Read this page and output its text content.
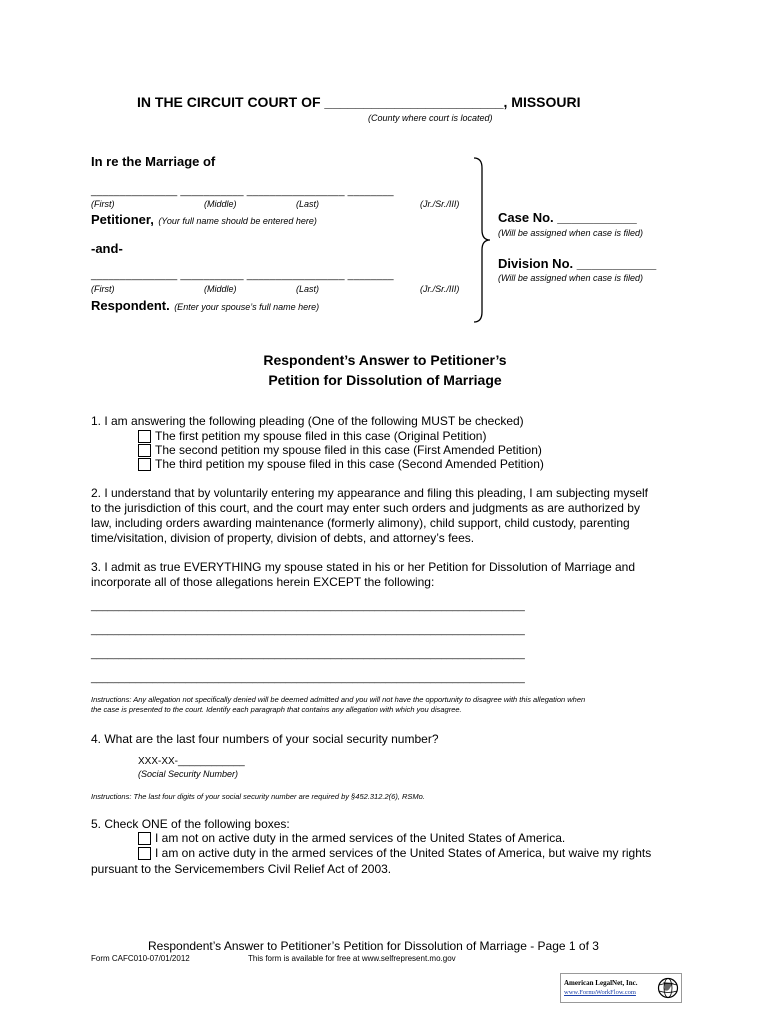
IN THE CIRCUIT COURT OF _______________________, MISSOURI
(County where court is located)
In re the Marriage of
_______________ ___________ _________________ ________
(First)	(Middle)	(Last)	(Jr./Sr./III)
Petitioner, (Your full name should be entered here)
-and-
_______________ ___________ _________________ ________
(First)	(Middle)	(Last)	(Jr./Sr./III)
Respondent. (Enter your spouse’s full name here)
Case No. ___________
(Will be assigned when case is filed)
Division No. ___________
(Will be assigned when case is filed)
Respondent’s Answer to Petitioner’s
Petition for Dissolution of Marriage
1. I am answering the following pleading (One of the following MUST be checked)
The first petition my spouse filed in this case (Original Petition)
The second petition my spouse filed in this case (First Amended Petition)
The third petition my spouse filed in this case (Second Amended Petition)
2. I understand that by voluntarily entering my appearance and filing this pleading, I am subjecting myself
to the jurisdiction of this court, and the court may enter such orders and judgments as are authorized by
law, including orders awarding maintenance (formerly alimony), child support, child custody, parenting
time/visitation, division of property, division of debts, and attorney’s fees.
3. I admit as true EVERYTHING my spouse stated in his or her Petition for Dissolution of Marriage and
incorporate all of those allegations herein EXCEPT the following:
______________________________________________________________________________
______________________________________________________________________________
______________________________________________________________________________
______________________________________________________________________________
Instructions: Any allegation not specifically denied will be deemed admitted and you will not have the opportunity to disagree with this allegation when
the case is presented to the court. Identify each paragraph that contains any allegation with which you disagree.
4. What are the last four numbers of your social security number?
XXX-XX-____________
(Social Security Number)
Instructions: The last four digits of your social security number are required by §452.312.2(6), RSMo.
5. Check ONE of the following boxes:
I am not on active duty in the armed services of the United States of America.
I am on active duty in the armed services of the United States of America, but waive my rights
pursuant to the Servicemembers Civil Relief Act of 2003.
Respondent’s Answer to Petitioner’s Petition for Dissolution of Marriage - Page 1 of 3
Form CAFC010-07/01/2012	This form is available for free at www.selfrepresent.mo.gov
American LegalNet, Inc.
www.FormsWorkFlow.com
